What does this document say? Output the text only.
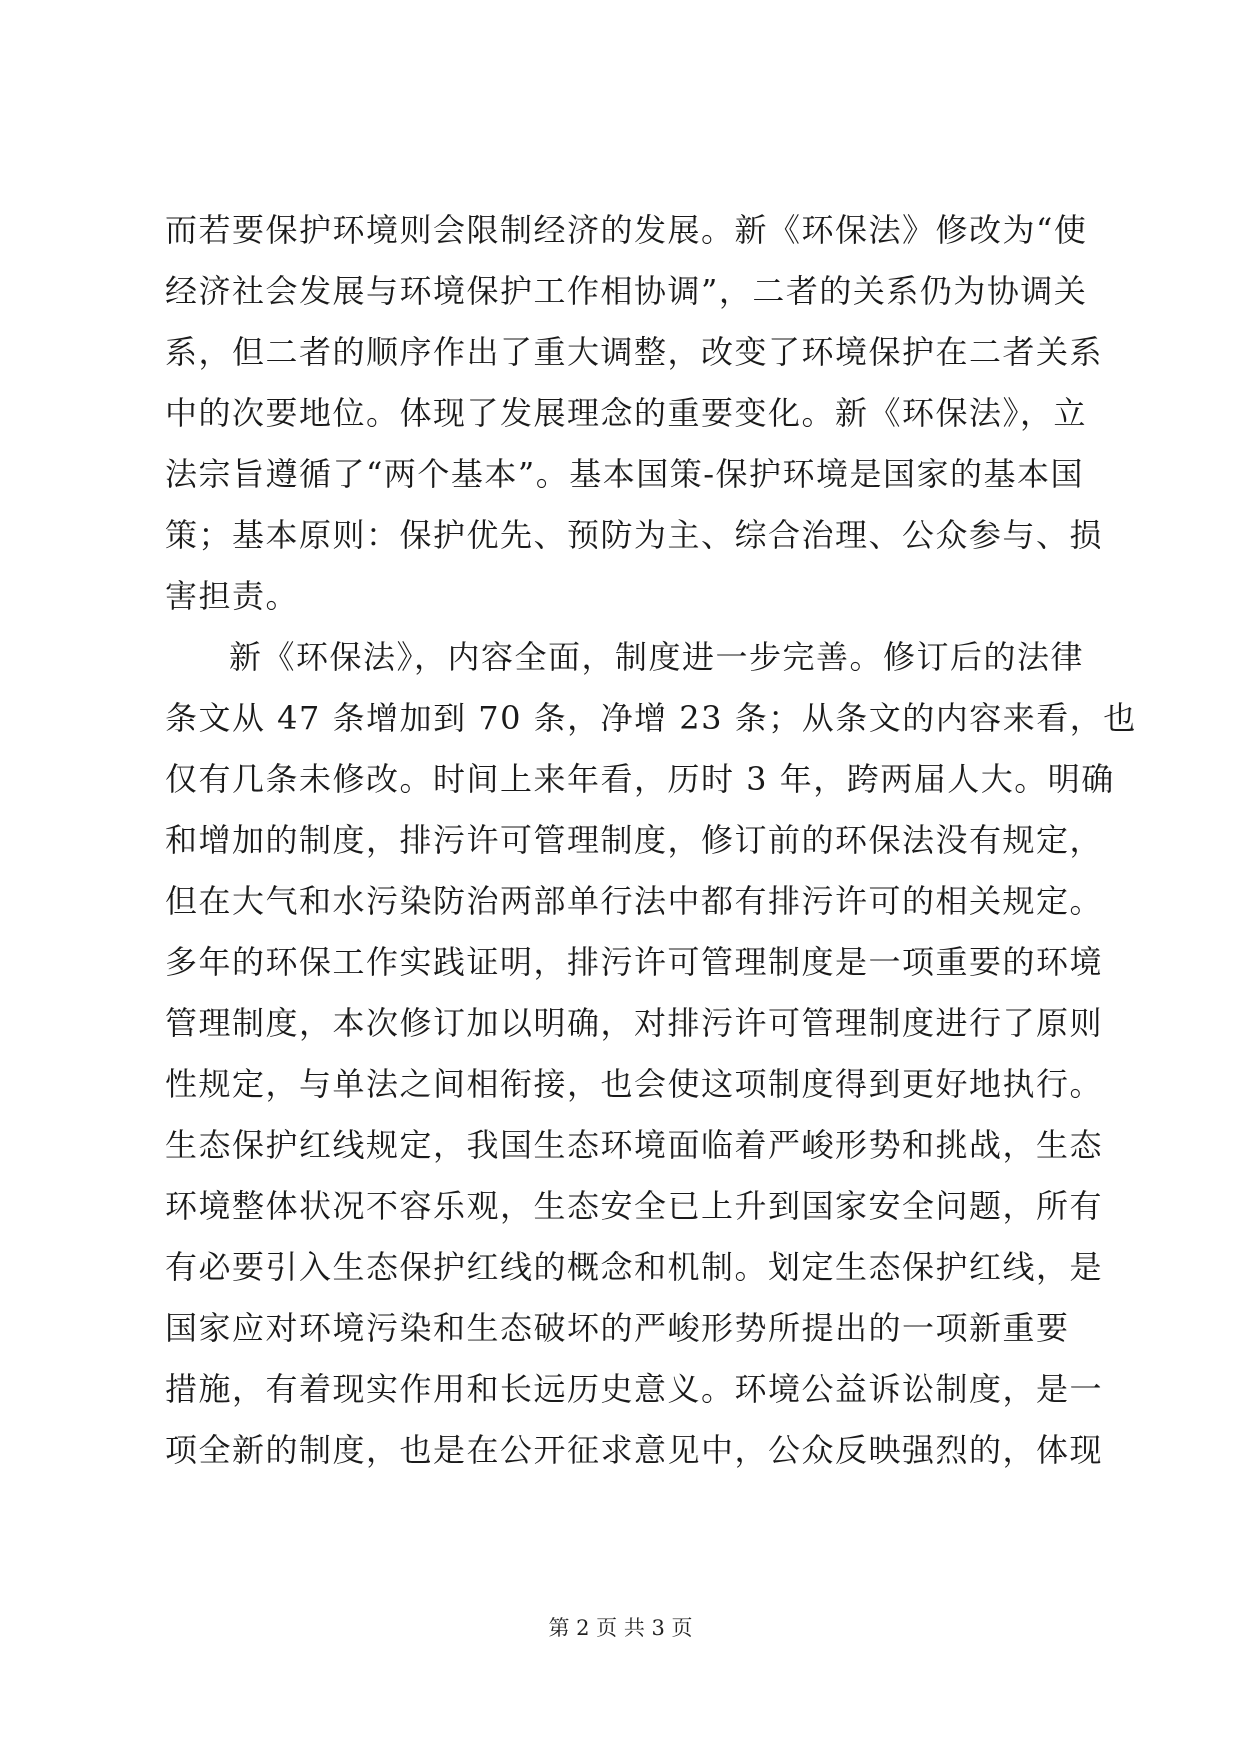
而若要保护环境则会限制经济的发展。新《环保法》修改为“使
经济社会发展与环境保护工作相协调”，二者的关系仍为协调关
系，但二者的顺序作出了重大调整，改变了环境保护在二者关系
中的次要地位。体现了发展理念的重要变化。新《环保法》，立
法宗旨遵循了“两个基本”。基本国策-保护环境是国家的基本国
策；基本原则：保护优先、预防为主、综合治理、公众参与、损
害担责。
新《环保法》，内容全面，制度进一步完善。修订后的法律
条文从 47 条增加到 70 条，净增 23 条；从条文的内容来看，也
仅有几条未修改。时间上来年看，历时 3 年，跨两届人大。明确
和增加的制度，排污许可管理制度，修订前的环保法没有规定，
但在大气和水污染防治两部单行法中都有排污许可的相关规定。
多年的环保工作实践证明，排污许可管理制度是一项重要的环境
管理制度，本次修订加以明确，对排污许可管理制度进行了原则
性规定，与单法之间相衔接，也会使这项制度得到更好地执行。
生态保护红线规定，我国生态环境面临着严峻形势和挑战，生态
环境整体状况不容乐观，生态安全已上升到国家安全问题，所有
有必要引入生态保护红线的概念和机制。划定生态保护红线，是
国家应对环境污染和生态破坏的严峻形势所提出的一项新重要
措施，有着现实作用和长远历史意义。环境公益诉讼制度，是一
项全新的制度，也是在公开征求意见中，公众反映强烈的，体现
第 2 页 共 3 页
